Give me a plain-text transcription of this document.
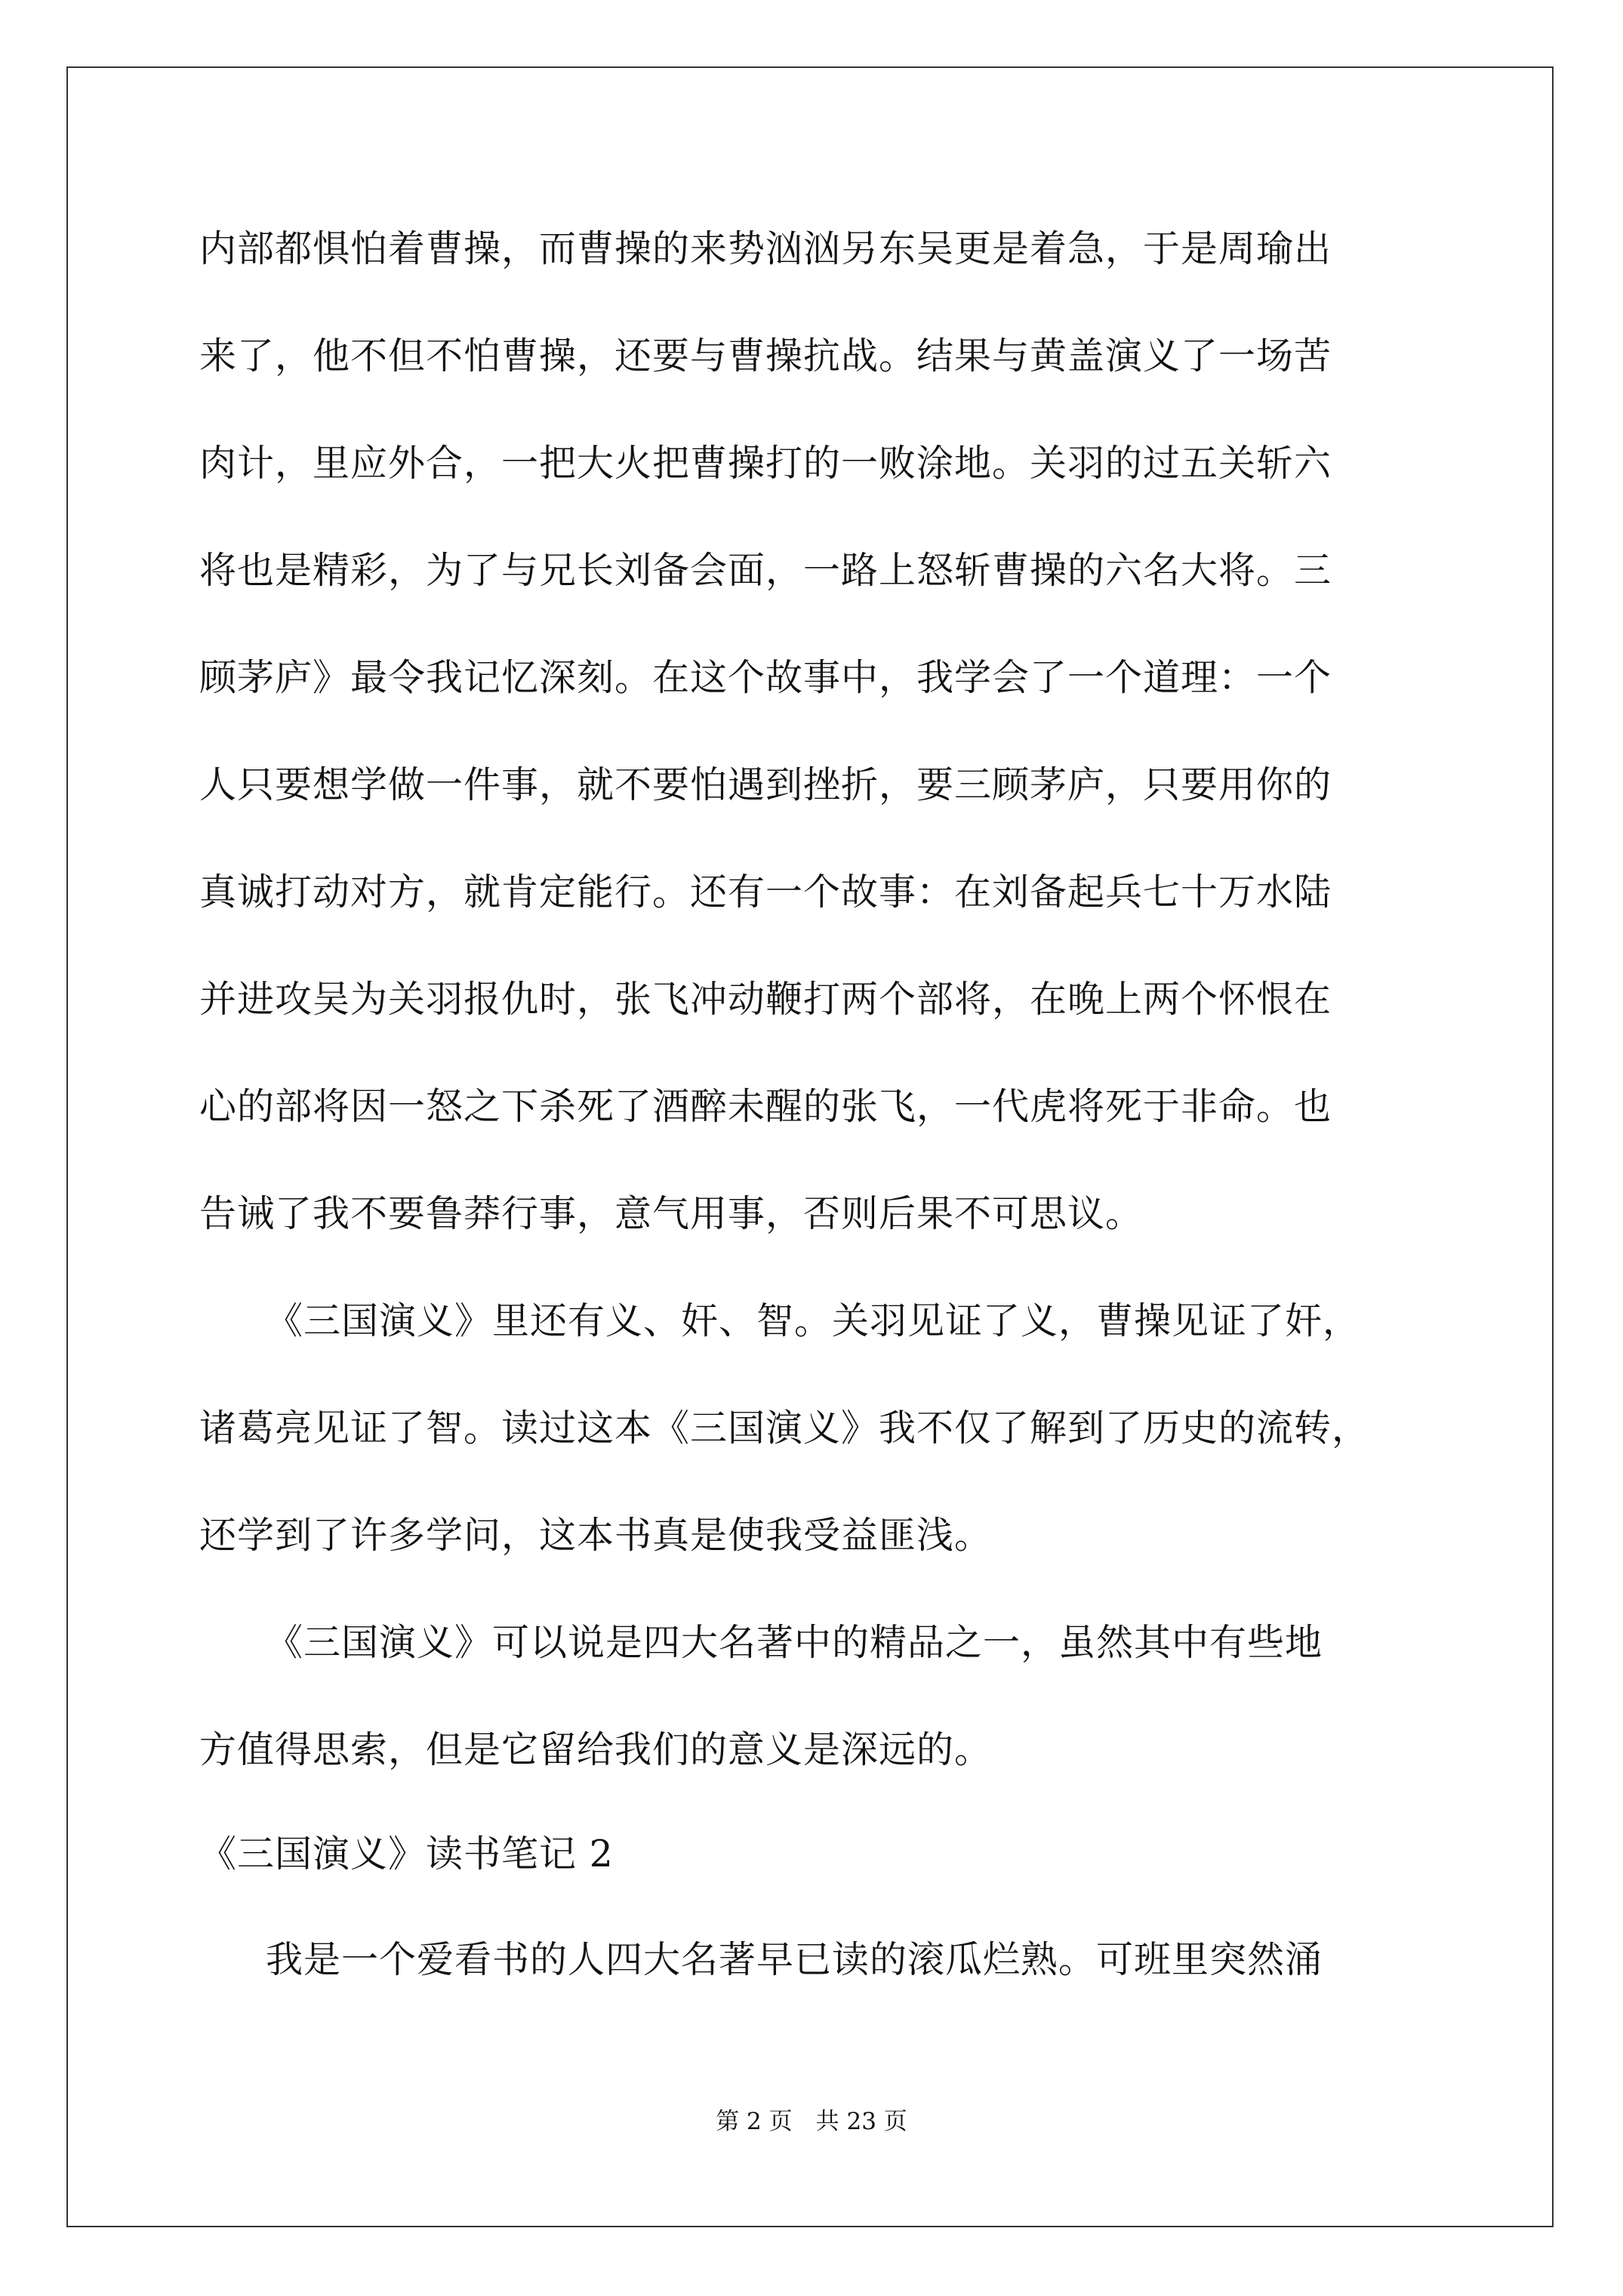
内部都惧怕着曹操，而曹操的来势汹汹另东吴更是着急，于是周瑜出
来了，他不但不怕曹操，还要与曹操抗战。结果与黄盖演义了一场苦
肉计，里应外合，一把大火把曹操打的一败涂地。关羽的过五关斩六
将也是精彩，为了与兄长刘备会面，一路上怒斩曹操的六名大将。三
顾茅庐》最令我记忆深刻。在这个故事中，我学会了一个道理：一个
人只要想学做一件事，就不要怕遇到挫折，要三顾茅庐，只要用你的
真诚打动对方，就肯定能行。还有一个故事：在刘备起兵七十万水陆
并进攻吴为关羽报仇时，张飞冲动鞭打两个部将，在晚上两个怀恨在
心的部将因一怒之下杀死了酒醉未醒的张飞，一代虎将死于非命。也
告诫了我不要鲁莽行事，意气用事，否则后果不可思议。
《三国演义》里还有义、奸、智。关羽见证了义，曹操见证了奸，
诸葛亮见证了智。读过这本《三国演义》我不仅了解到了历史的流转，
还学到了许多学问，这本书真是使我受益匪浅。
《三国演义》可以说是四大名著中的精品之一，虽然其中有些地
方值得思索，但是它留给我们的意义是深远的。
《三国演义》读书笔记 2
我是一个爱看书的人四大名著早已读的滚瓜烂熟。可班里突然涌
第 2 页　共 23 页
